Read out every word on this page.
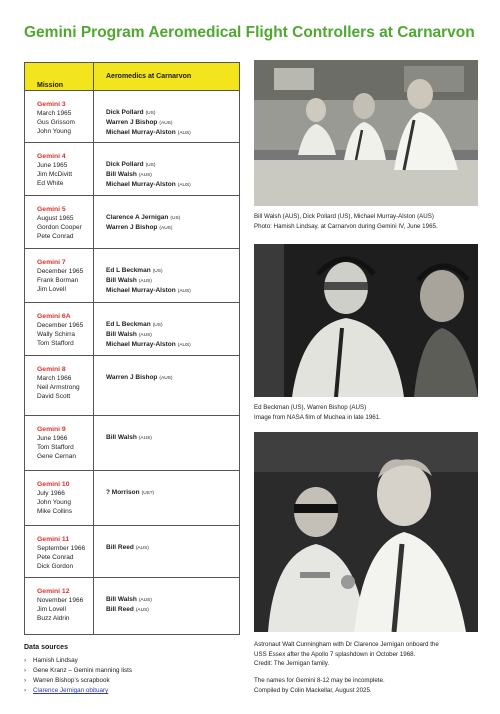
Gemini Program Aeromedical Flight Controllers at Carnarvon
Mission
Aeromedics at Carnarvon
Gemini 3
March 1965
Gus Grissom
John Young
Dick Pollard (US)
Warren J Bishop (AUS)
Michael Murray-Alston (AUS)
Gemini 4
June 1965
Jim McDivitt
Ed White
Dick Pollard (US)
Bill Walsh (AUS)
Michael Murray-Alston (AUS)
Gemini 5
August 1965
Gordon Cooper
Pete Conrad
Clarence A Jernigan (US)
Warren J Bishop (AUS)
Gemini 7
December 1965
Frank Borman
Jim Lovell
Ed L Beckman (US)
Bill Walsh (AUS)
Michael Murray-Alston (AUS)
Gemini 6A
December 1965
Wally Schirra
Tom Stafford
Ed L Beckman (US)
Bill Walsh (AUS)
Michael Murray-Alston (AUS)
Gemini 8
March 1966
Neil Armstrong
David Scott
Warren J Bishop (AUS)
Gemini 9
June 1966
Tom Stafford
Gene Cernan
Bill Walsh (AUS)
Gemini 10
July 1966
John Young
Mike Collins
? Morrison (US?)
Gemini 11
September 1966
Pete Conrad
Dick Gordon
Bill Reed (AUS)
Gemini 12
November 1966
Jim Lovell
Buzz Aldrin
Bill Walsh (AUS)
Bill Reed (AUS)
Data sources
› Hamish Lindsay
› Gene Kranz – Gemini manning lists
› Warren Bishop’s scrapbook
› Clarence Jernigan obituary
Bill Walsh (AUS), Dick Pollard (US), Michael Murray-Alston (AUS)
Photo: Hamish Lindsay, at Carnarvon during Gemini IV, June 1965.
Ed Beckman (US), Warren Bishop (AUS)
Image from NASA film of Muchea in late 1961.
Astronaut Walt Cunningham with Dr Clarence Jernigan onboard the
USS Essex after the Apollo 7 splashdown in October 1968.
Credit: The Jernigan family.
The names for Gemini 8-12 may be incomplete.
Compiled by Colin Mackellar, August 2025.
